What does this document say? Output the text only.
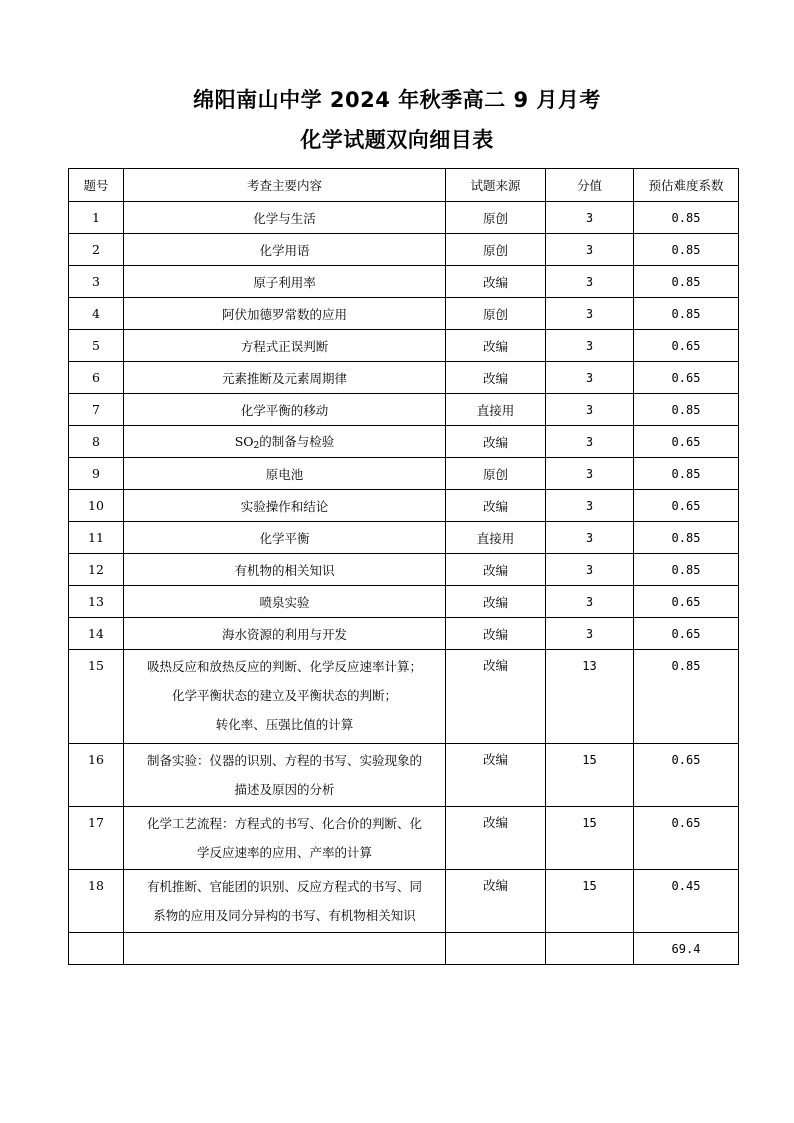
绵阳南山中学 2024 年秋季高二 9 月月考
化学试题双向细目表
题号	考查主要内容	试题来源	分值	预估难度系数
1	化学与生活	原创	3	0.85
2	化学用语	原创	3	0.85
3	原子利用率	改编	3	0.85
4	阿伏加德罗常数的应用	原创	3	0.85
5	方程式正误判断	改编	3	0.65
6	元素推断及元素周期律	改编	3	0.65
7	化学平衡的移动	直接用	3	0.85
8	$SO_2$的制备与检验	改编	3	0.65
9	原电池	原创	3	0.85
10	实验操作和结论	改编	3	0.65
11	化学平衡	直接用	3	0.85
12	有机物的相关知识	改编	3	0.85
13	喷泉实验	改编	3	0.65
14	海水资源的利用与开发	改编	3	0.65
15	吸热反应和放热反应的判断、化学反应速率计算；
化学平衡状态的建立及平衡状态的判断；
转化率、压强比值的计算	改编	13	0.85
16	制备实验：仪器的识别、方程的书写、实验现象的
描述及原因的分析	改编	15	0.65
17	化学工艺流程：方程式的书写、化合价的判断、化
学反应速率的应用、产率的计算	改编	15	0.65
18	有机推断、官能团的识别、反应方程式的书写、同
系物的应用及同分异构的书写、有机物相关知识	改编	15	0.45
				69.4
